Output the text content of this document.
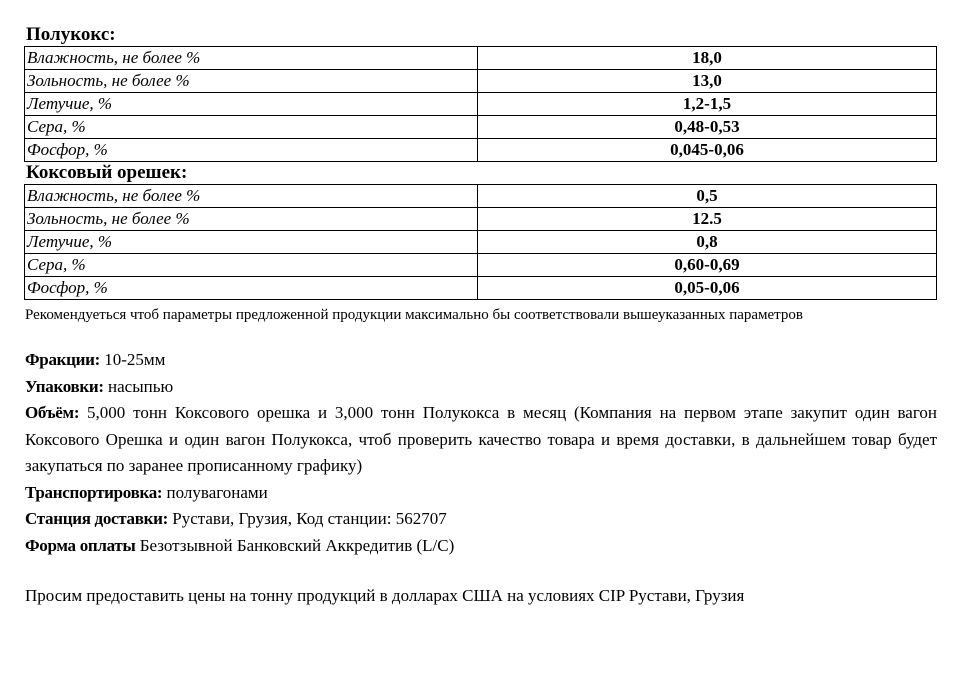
Полукокс:
Влажность, не более %	18,0
Зольность, не более %	13,0
Летучие, %	1,2-1,5
Сера, %	0,48-0,53
Фосфор, %	0,045-0,06
Коксовый орешек:
Влажность, не более %	0,5
Зольность, не более %	12.5
Летучие, %	0,8
Сера, %	0,60-0,69
Фосфор, %	0,05-0,06
Рекомендуеться чтоб параметры предложенной продукции максимально бы соответствовали вышеуказанных параметров

Фракции: 10-25мм

Упаковки: насыпью

Объём: 5,000 тонн Коксового орешка и 3,000 тонн Полукокса в месяц (Компания на первом этапе закупит один вагон Коксового Орешка и один вагон Полукокса, чтоб проверить качество товара и время доставки, в дальнейшем товар будет закупаться по заранее прописанному графику)

Транспортировка: полувагонами

Станция доставки: Рустави, Грузия, Код станции: 562707

Форма оплаты Безотзывной Банковский Аккредитив (L/C)

Просим предоставить цены на тонну продукций в долларах США на условиях CIP Рустави, Грузия
